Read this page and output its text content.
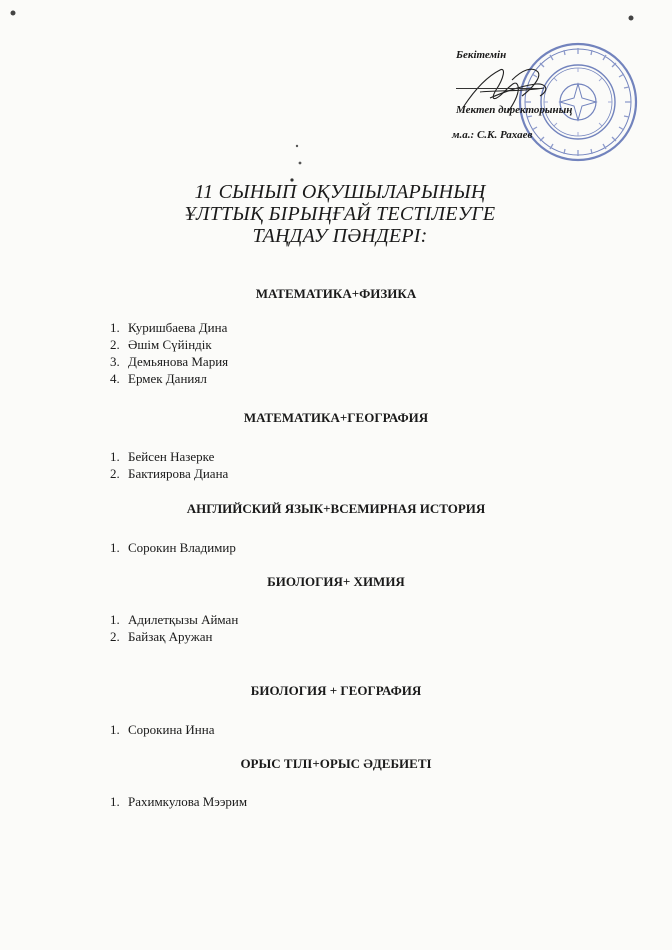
Бекітемін
Мектеп директорының
м.а.: С.К. Рахаев
11 СЫНЫП ОҚУШЫЛАРЫНЫҢ
ҰЛТТЫҚ БІРЫҢҒАЙ ТЕСТІЛЕУГЕ
ТАҢДАУ ПӘНДЕРІ:
МАТЕМАТИКА+ФИЗИКА
1. Куришбаева Дина
2. Әшім Сүйіндік
3. Демьянова Мария
4. Ермек Даниял
МАТЕМАТИКА+ГЕОГРАФИЯ
1. Бейсен Назерке
2. Бактиярова Диана
АНГЛИЙСКИЙ ЯЗЫК+ВСЕМИРНАЯ ИСТОРИЯ
1. Сорокин Владимир
БИОЛОГИЯ+ ХИМИЯ
1. Адилетқызы Айман
2. Байзақ Аружан
БИОЛОГИЯ + ГЕОГРАФИЯ
1. Сорокина Инна
ОРЫС ТІЛІ+ОРЫС ӘДЕБИЕТІ
1. Рахимкулова Мээрим
